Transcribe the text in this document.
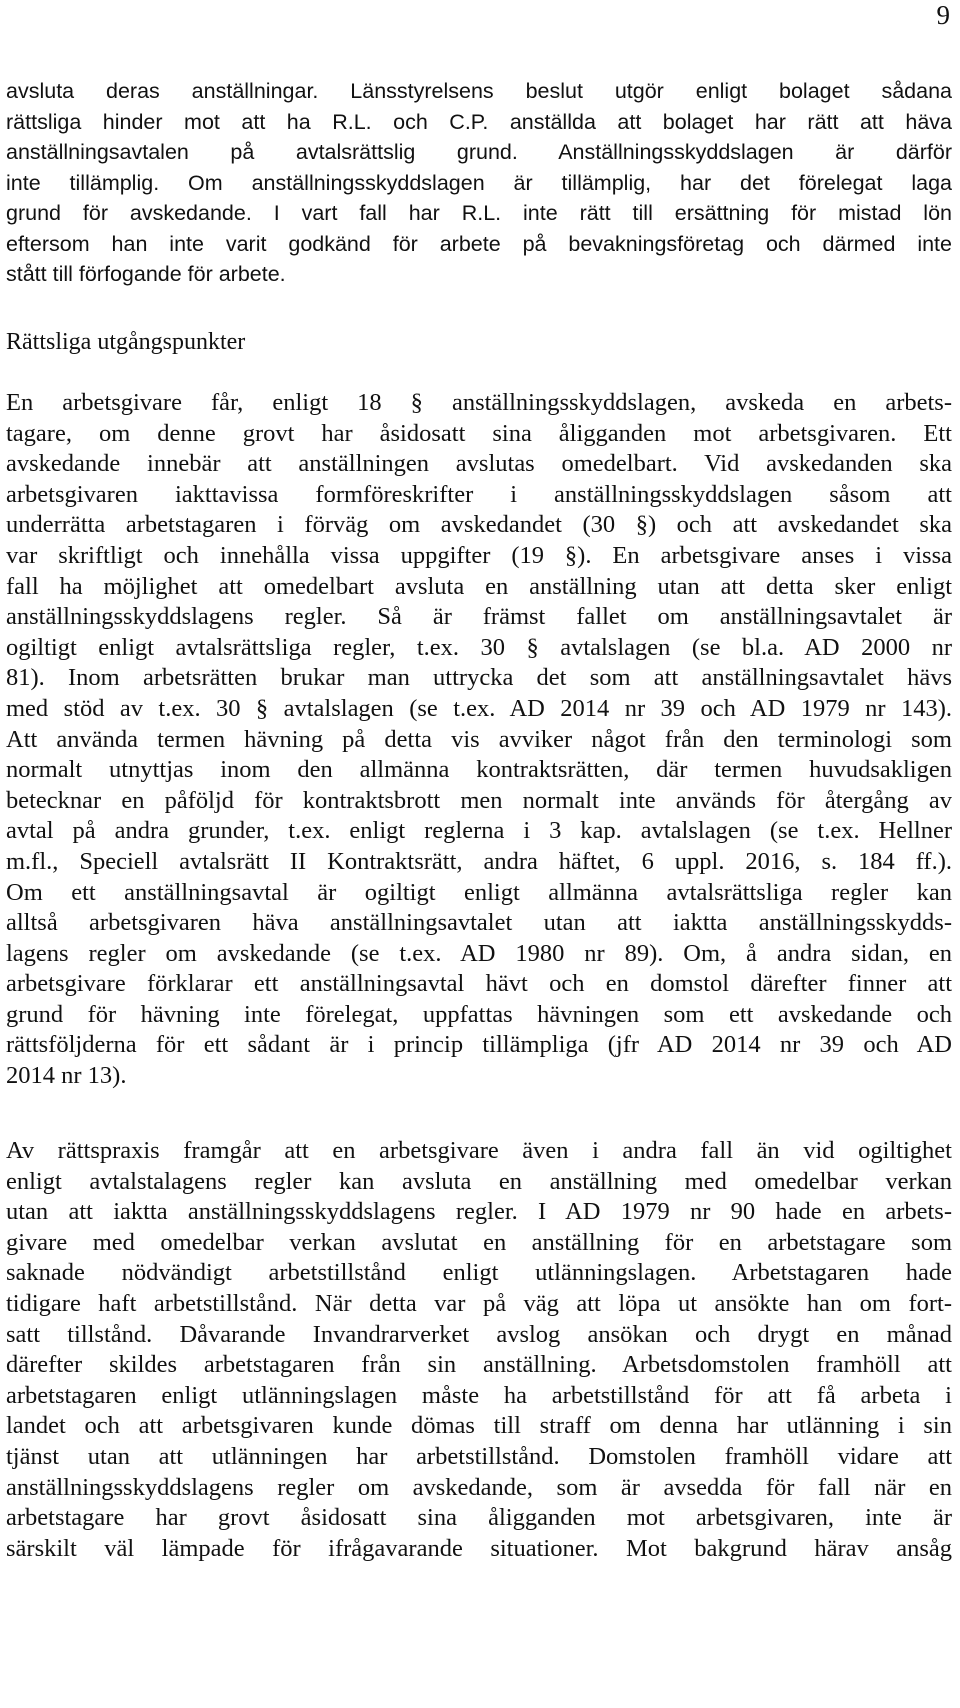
9
avsluta deras anställningar. Länsstyrelsens beslut utgör enligt bolaget sådana
rättsliga hinder mot att ha R.L. och C.P. anställda att bolaget har rätt att häva
anställningsavtalen på avtalsrättslig grund. Anställningsskyddslagen är därför
inte tillämplig. Om anställningsskyddslagen är tillämplig, har det förelegat laga
grund för avskedande. I vart fall har R.L. inte rätt till ersättning för mistad lön
eftersom han inte varit godkänd för arbete på bevakningsföretag och därmed inte
stått till förfogande för arbete.
Rättsliga utgångspunkter
En arbetsgivare får, enligt 18 § anställningsskyddslagen, avskeda en arbets-
tagare, om denne grovt har åsidosatt sina åligganden mot arbetsgivaren. Ett
avskedande innebär att anställningen avslutas omedelbart. Vid avskedanden ska
arbetsgivaren iakttavissa formföreskrifter i anställningsskyddslagen såsom att
underrätta arbetstagaren i förväg om avskedandet (30 §) och att avskedandet ska
var skriftligt och innehålla vissa uppgifter (19 §). En arbetsgivare anses i vissa
fall ha möjlighet att omedelbart avsluta en anställning utan att detta sker enligt
anställningsskyddslagens regler. Så är främst fallet om anställningsavtalet är
ogiltigt enligt avtalsrättsliga regler, t.ex. 30 § avtalslagen (se bl.a. AD 2000 nr
81). Inom arbetsrätten brukar man uttrycka det som att anställningsavtalet hävs
med stöd av t.ex. 30 § avtalslagen (se t.ex. AD 2014 nr 39 och AD 1979 nr 143).
Att använda termen hävning på detta vis avviker något från den terminologi som
normalt utnyttjas inom den allmänna kontraktsrätten, där termen huvudsakligen
betecknar en påföljd för kontraktsbrott men normalt inte används för återgång av
avtal på andra grunder, t.ex. enligt reglerna i 3 kap. avtalslagen (se t.ex. Hellner
m.fl., Speciell avtalsrätt II Kontraktsrätt, andra häftet, 6 uppl. 2016, s. 184 ff.).
Om ett anställningsavtal är ogiltigt enligt allmänna avtalsrättsliga regler kan
alltså arbetsgivaren häva anställningsavtalet utan att iaktta anställningsskydds-
lagens regler om avskedande (se t.ex. AD 1980 nr 89). Om, å andra sidan, en
arbetsgivare förklarar ett anställningsavtal hävt och en domstol därefter finner att
grund för hävning inte förelegat, uppfattas hävningen som ett avskedande och
rättsföljderna för ett sådant är i princip tillämpliga (jfr AD 2014 nr 39 och AD
2014 nr 13).
Av rättspraxis framgår att en arbetsgivare även i andra fall än vid ogiltighet
enligt avtalstalagens regler kan avsluta en anställning med omedelbar verkan
utan att iaktta anställningsskyddslagens regler. I AD 1979 nr 90 hade en arbets-
givare med omedelbar verkan avslutat en anställning för en arbetstagare som
saknade nödvändigt arbetstillstånd enligt utlänningslagen. Arbetstagaren hade
tidigare haft arbetstillstånd. När detta var på väg att löpa ut ansökte han om fort-
satt tillstånd. Dåvarande Invandrarverket avslog ansökan och drygt en månad
därefter skildes arbetstagaren från sin anställning. Arbetsdomstolen framhöll att
arbetstagaren enligt utlänningslagen måste ha arbetstillstånd för att få arbeta i
landet och att arbetsgivaren kunde dömas till straff om denna har utlänning i sin
tjänst utan att utlänningen har arbetstillstånd. Domstolen framhöll vidare att
anställningsskyddslagens regler om avskedande, som är avsedda för fall när en
arbetstagare har grovt åsidosatt sina åligganden mot arbetsgivaren, inte är
särskilt väl lämpade för ifrågavarande situationer. Mot bakgrund härav ansåg
